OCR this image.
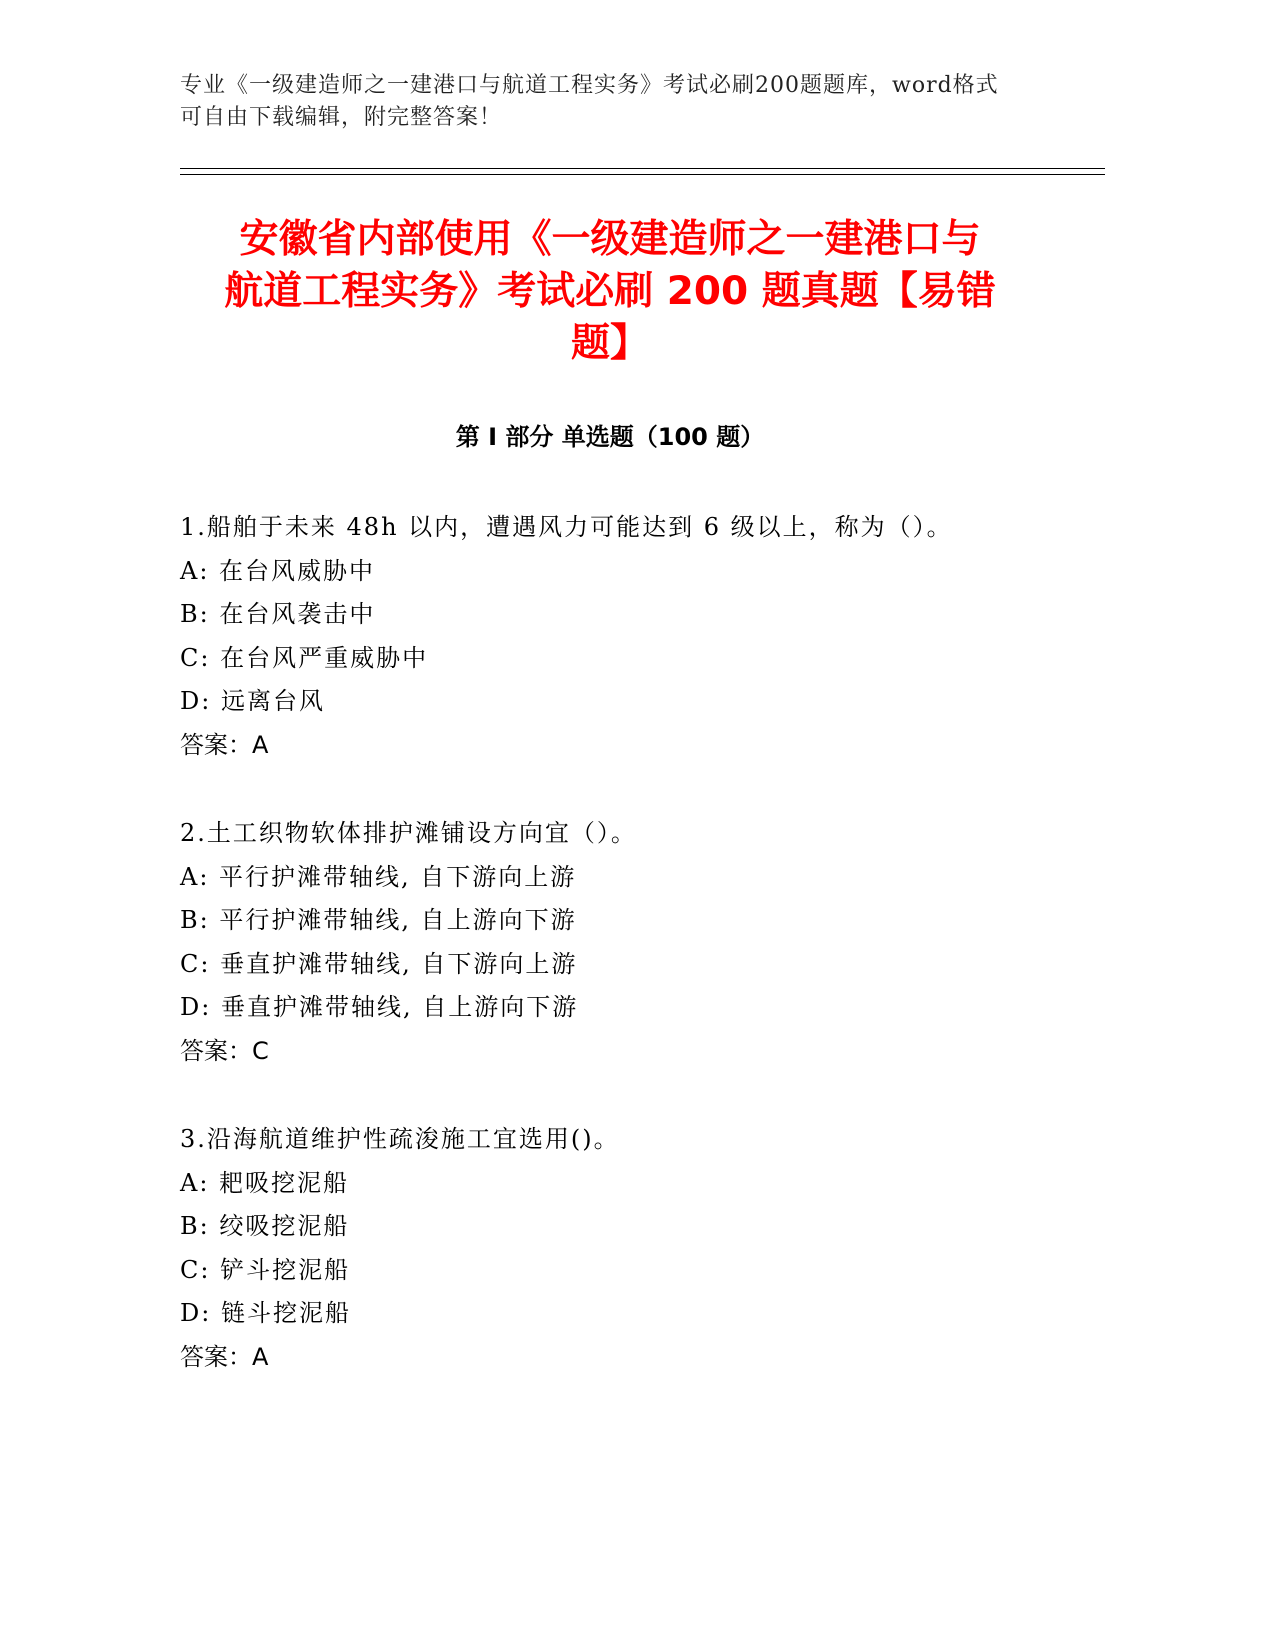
专业《一级建造师之一建港口与航道工程实务》考试必刷200题题库，word格式
可自由下载编辑，附完整答案！
安徽省内部使用《一级建造师之一建港口与
航道工程实务》考试必刷 200 题真题【易错
题】
第 I 部分 单选题（100 题）
1.船舶于未来 48h 以内，遭遇风力可能达到 6 级以上，称为（）。
A: 在台风威胁中
B: 在台风袭击中
C: 在台风严重威胁中
D: 远离台风
答案：A
2.土工织物软体排护滩铺设方向宜（）。
A: 平行护滩带轴线, 自下游向上游
B: 平行护滩带轴线, 自上游向下游
C: 垂直护滩带轴线, 自下游向上游
D: 垂直护滩带轴线, 自上游向下游
答案：C
3.沿海航道维护性疏浚施工宜选用()。
A: 耙吸挖泥船
B: 绞吸挖泥船
C: 铲斗挖泥船
D: 链斗挖泥船
答案：A
